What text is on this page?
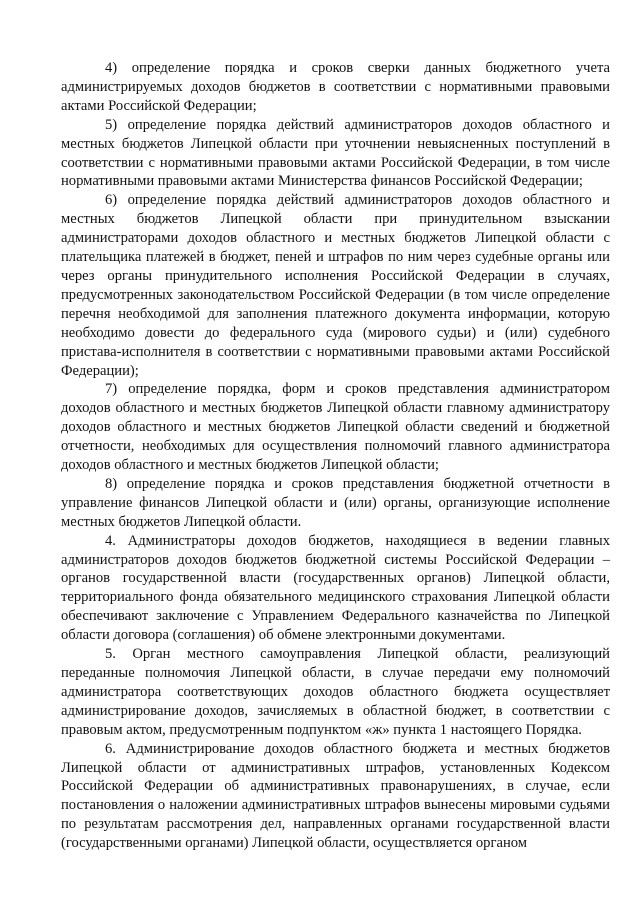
4) определение порядка и сроков сверки данных бюджетного учета администрируемых доходов бюджетов в соответствии с нормативными правовыми актами Российской Федерации;

5) определение порядка действий администраторов доходов областного и местных бюджетов Липецкой области при уточнении невыясненных поступлений в соответствии с нормативными правовыми актами Российской Федерации, в том числе нормативными правовыми актами Министерства финансов Российской Федерации;

6) определение порядка действий администраторов доходов областного и местных бюджетов Липецкой области при принудительном взыскании администраторами доходов областного и местных бюджетов Липецкой области с плательщика платежей в бюджет, пеней и штрафов по ним через судебные органы или через органы принудительного исполнения Российской Федерации в случаях, предусмотренных законодательством Российской Федерации (в том числе определение перечня необходимой для заполнения платежного документа информации, которую необходимо довести до федерального суда (мирового судьи) и (или) судебного пристава-исполнителя в соответствии с нормативными правовыми актами Российской Федерации);

7) определение порядка, форм и сроков представления администратором доходов областного и местных бюджетов Липецкой области главному администратору доходов областного и местных бюджетов Липецкой области сведений и бюджетной отчетности, необходимых для осуществления полномочий главного администратора доходов областного и местных бюджетов Липецкой области;

8) определение порядка и сроков представления бюджетной отчетности в управление финансов Липецкой области и (или) органы, организующие исполнение местных бюджетов Липецкой области.

4. Администраторы доходов бюджетов, находящиеся в ведении главных администраторов доходов бюджетов бюджетной системы Российской Федерации – органов государственной власти (государственных органов) Липецкой области, территориального фонда обязательного медицинского страхования Липецкой области обеспечивают заключение с Управлением Федерального казначейства по Липецкой области договора (соглашения) об обмене электронными документами.

5. Орган местного самоуправления Липецкой области, реализующий переданные полномочия Липецкой области, в случае передачи ему полномочий администратора соответствующих доходов областного бюджета осуществляет администрирование доходов, зачисляемых в областной бюджет, в соответствии с правовым актом, предусмотренным подпунктом «ж» пункта 1 настоящего Порядка.

6. Администрирование доходов областного бюджета и местных бюджетов Липецкой области от административных штрафов, установленных Кодексом Российской Федерации об административных правонарушениях, в случае, если постановления о наложении административных штрафов вынесены мировыми судьями по результатам рассмотрения дел, направленных органами государственной власти (государственными органами) Липецкой области, осуществляется органом
